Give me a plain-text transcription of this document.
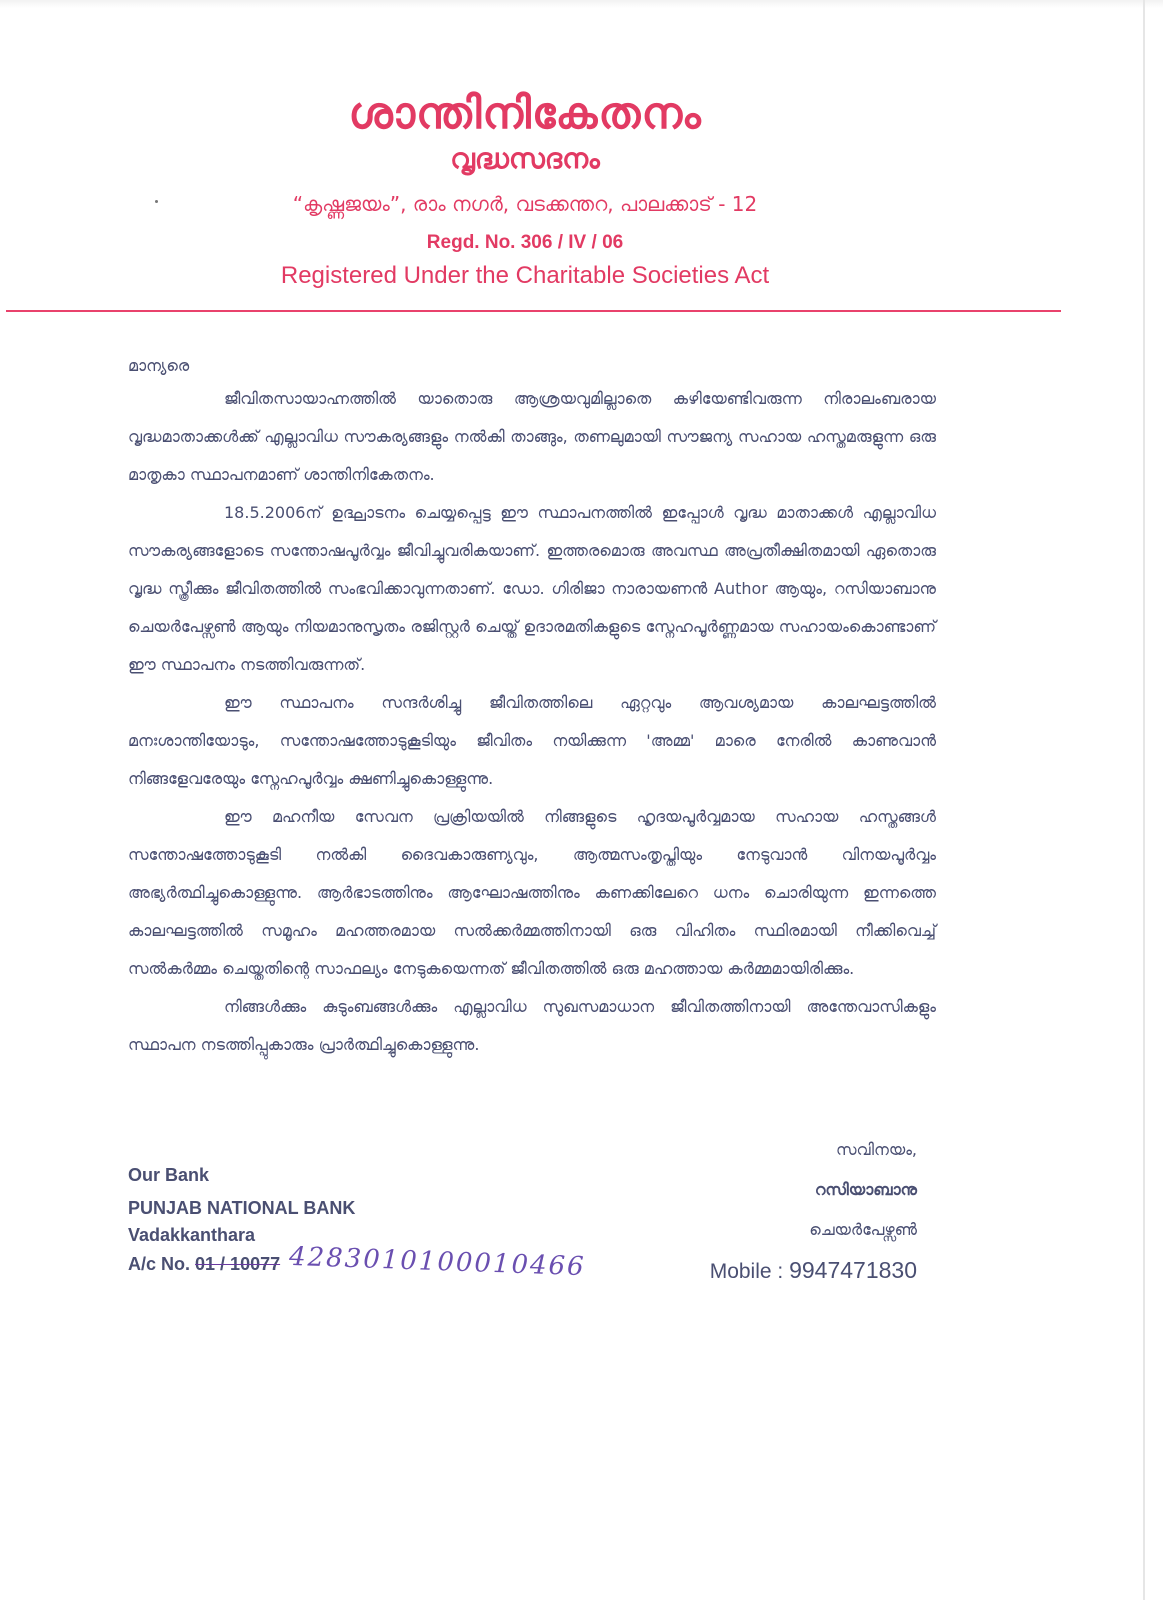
ശാന്തിനികേതനം
വൃദ്ധസദനം
“കൃഷ്ണജയം”, രാം നഗർ, വടക്കന്തറ, പാലക്കാട് - 12
Regd. No. 306 / IV / 06
Registered Under the Charitable Societies Act
മാന്യരെ

ജീവിതസായാഹ്നത്തിൽ യാതൊരു ആശ്രയവുമില്ലാതെ കഴിയേണ്ടിവരുന്ന നിരാലംബരായ വൃദ്ധമാതാക്കൾക്ക് എല്ലാവിധ സൗകര്യങ്ങളും നൽകി താങ്ങും, തണലുമായി സൗജന്യ സഹായ ഹസ്തമരുളുന്ന ഒരു മാതൃകാ സ്ഥാപനമാണ് ശാന്തിനികേതനം.

18.5.2006ന് ഉദ്ഘാടനം ചെയ്യപ്പെട്ട ഈ സ്ഥാപനത്തിൽ ഇപ്പോൾ വൃദ്ധ മാതാക്കൾ എല്ലാവിധ സൗകര്യങ്ങളോടെ സന്തോഷപൂർവ്വം ജീവിച്ചുവരികയാണ്. ഇത്തരമൊരു അവസ്ഥ അപ്രതീക്ഷിതമായി ഏതൊരു വൃദ്ധ സ്ത്രീക്കും ജീവിതത്തിൽ സംഭവിക്കാവുന്നതാണ്. ഡോ. ഗിരിജാ നാരായണൻ Author ആയും, റസിയാബാനു ചെയർപേഴ്സൺ ആയും നിയമാനുസൃതം രജിസ്റ്റർ ചെയ്ത് ഉദാരമതികളുടെ സ്നേഹപൂർണ്ണമായ സഹായംകൊണ്ടാണ് ഈ സ്ഥാപനം നടത്തിവരുന്നത്.

ഈ സ്ഥാപനം സന്ദർശിച്ചു ജീവിതത്തിലെ ഏറ്റവും ആവശ്യമായ കാലഘട്ടത്തിൽ മനഃശാന്തിയോടും, സന്തോഷത്തോടുകൂടിയും ജീവിതം നയിക്കുന്ന 'അമ്മ' മാരെ നേരിൽ കാണുവാൻ നിങ്ങളേവരേയും സ്നേഹപൂർവ്വം ക്ഷണിച്ചുകൊള്ളുന്നു.

ഈ മഹനീയ സേവന പ്രക്രിയയിൽ നിങ്ങളുടെ ഹൃദയപൂർവ്വമായ സഹായ ഹസ്തങ്ങൾ സന്തോഷത്തോടുകൂടി നൽകി ദൈവകാരുണ്യവും, ആത്മസംതൃപ്തിയും നേടുവാൻ വിനയപൂർവ്വം അഭ്യർത്ഥിച്ചുകൊള്ളുന്നു. ആർഭാടത്തിനും ആഘോഷത്തിനും കണക്കിലേറെ ധനം ചൊരിയുന്ന ഇന്നത്തെ കാലഘട്ടത്തിൽ സമൂഹം മഹത്തരമായ സൽക്കർമ്മത്തിനായി ഒരു വിഹിതം സ്ഥിരമായി നീക്കിവെച്ച് സൽകർമ്മം ചെയ്തതിന്റെ സാഫല്യം നേടുകയെന്നത് ജീവിതത്തിൽ ഒരു മഹത്തായ കർമ്മമായിരിക്കും.

നിങ്ങൾക്കും കുടുംബങ്ങൾക്കും എല്ലാവിധ സുഖസമാധാന ജീവിതത്തിനായി അന്തേവാസികളും സ്ഥാപന നടത്തിപ്പുകാരും പ്രാർത്ഥിച്ചുകൊള്ളുന്നു.

Our Bank
PUNJAB NATIONAL BANK
Vadakkanthara
A/c No. 01 / 10077 4283010100010466
സവിനയം,
റസിയാബാനു
ചെയർപേഴ്സൺ
Mobile : 9947471830
